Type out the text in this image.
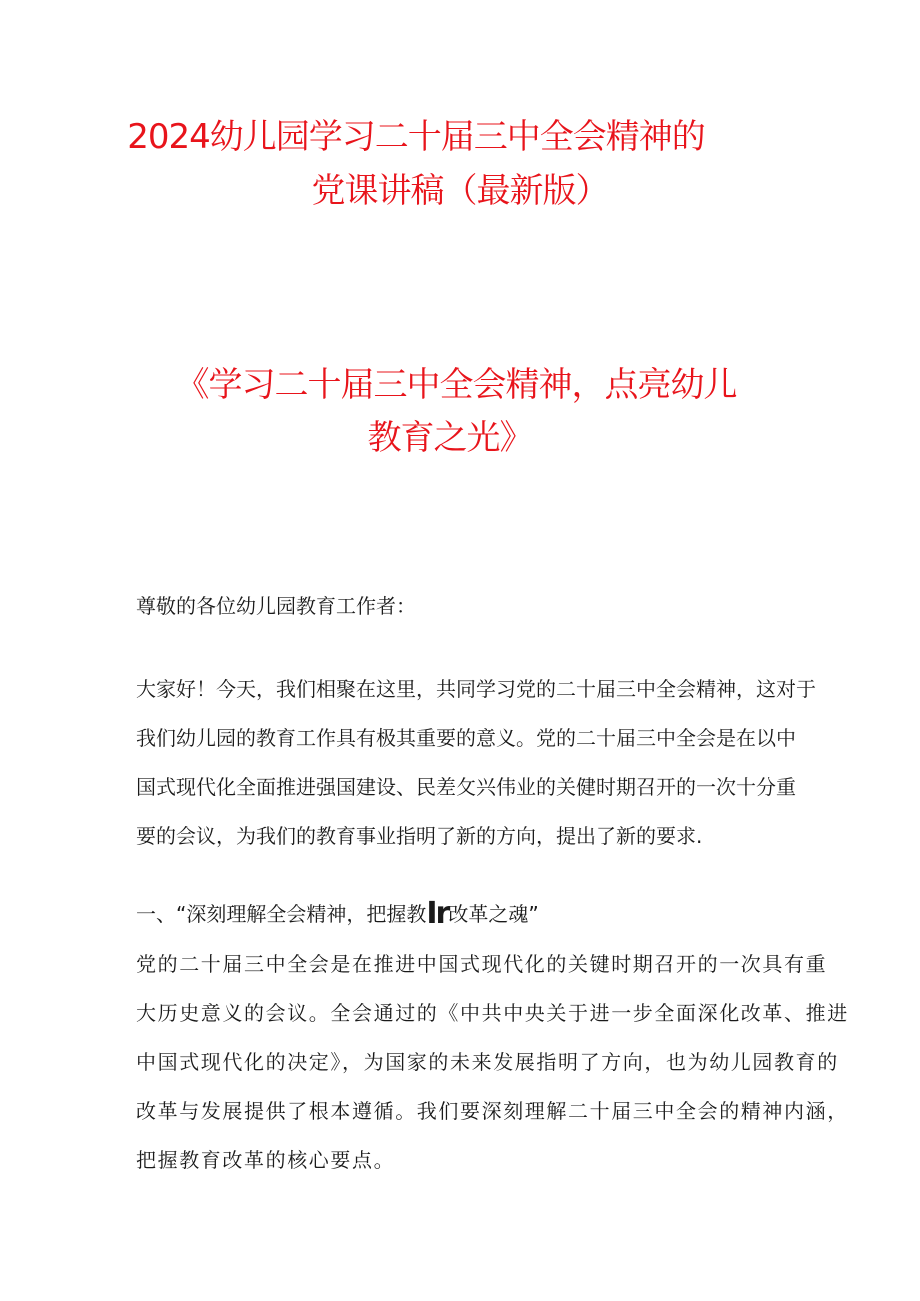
2024幼儿园学习二十届三中全会精神的
党课讲稿（最新版）
《学习二十届三中全会精神，点亮幼儿
教育之光》
尊敬的各位幼儿园教育工作者：
大家好！今天，我们相聚在这里，共同学习党的二十届三中全会精神，这对于
我们幼儿园的教育工作具有极其重要的意义。党的二十届三中全会是在以中
国式现代化全面推进强国建设、民差攵兴伟业的关健时期召开的一次十分重
要的会议，为我们的教育事业指明了新的方向，提出了新的要求.
一、“深刻理解全会精神，把握教Ir改革之魂”
党的二十届三中全会是在推进中国式现代化的关键时期召开的一次具有重
大历史意义的会议。全会通过的《中共中央关于进一步全面深化改革、推进
中国式现代化的决定》，为国家的未来发展指明了方向，也为幼儿园教育的
改革与发展提供了根本遵循。我们要深刻理解二十届三中全会的精神内涵，
把握教育改革的核心要点。
